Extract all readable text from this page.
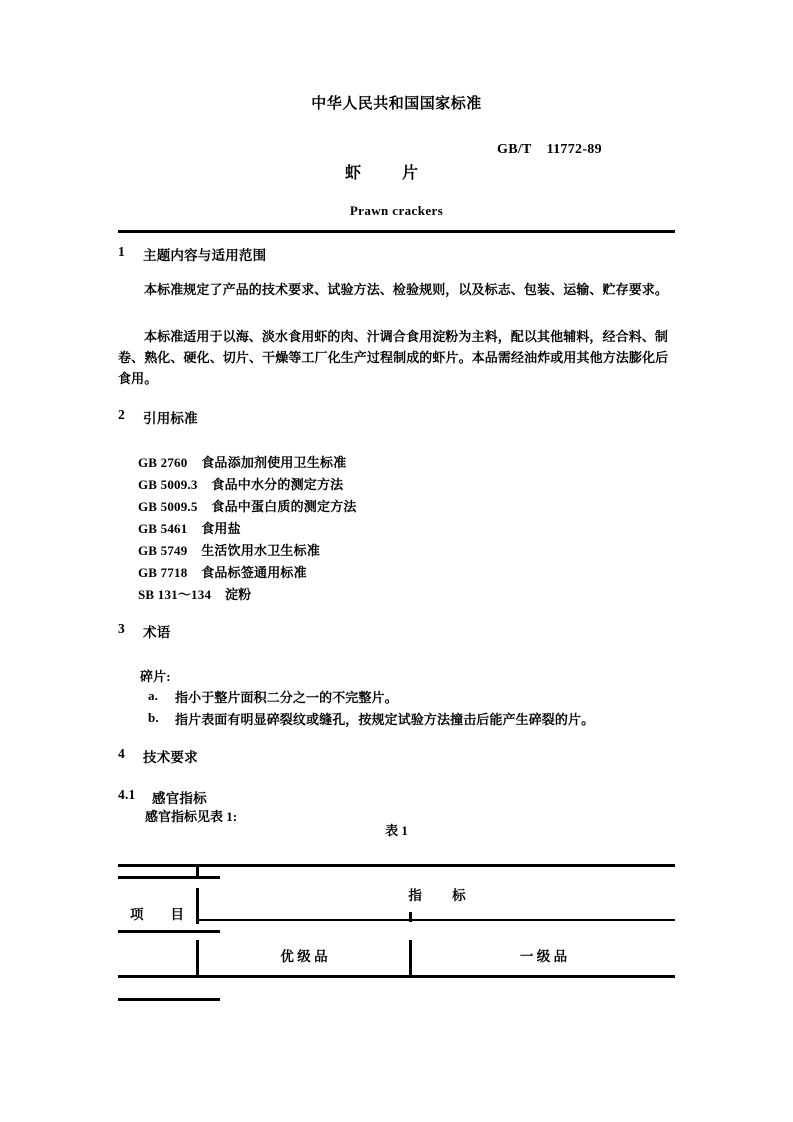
中华人民共和国国家标准
GB/T    11772-89
虾        片
Prawn crackers
1 主题内容与适用范围
本标准规定了产品的技术要求、试验方法、检验规则，以及标志、包装、运输、贮存要求。
本标准适用于以海、淡水食用虾的肉、汁调合食用淀粉为主料，配以其他辅料，经合料、制卷、熟化、硬化、切片、干燥等工厂化生产过程制成的虾片。本品需经油炸或用其他方法膨化后食用。
2 引用标准
GB 2760    食品添加剂使用卫生标准
GB 5009.3    食品中水分的测定方法
GB 5009.5    食品中蛋白质的测定方法
GB 5461    食用盐
GB 5749    生活饮用水卫生标准
GB 7718    食品标签通用标准
SB 131～134    淀粉
3 术语
碎片:
a. 指小于整片面积二分之一的不完整片。
b. 指片表面有明显碎裂纹或缝孔，按规定试验方法撞击后能产生碎裂的片。
4 技术要求
4.1 感官指标
感官指标见表 1:
表 1
项        目
指         标
优 级 品	一 级 品
